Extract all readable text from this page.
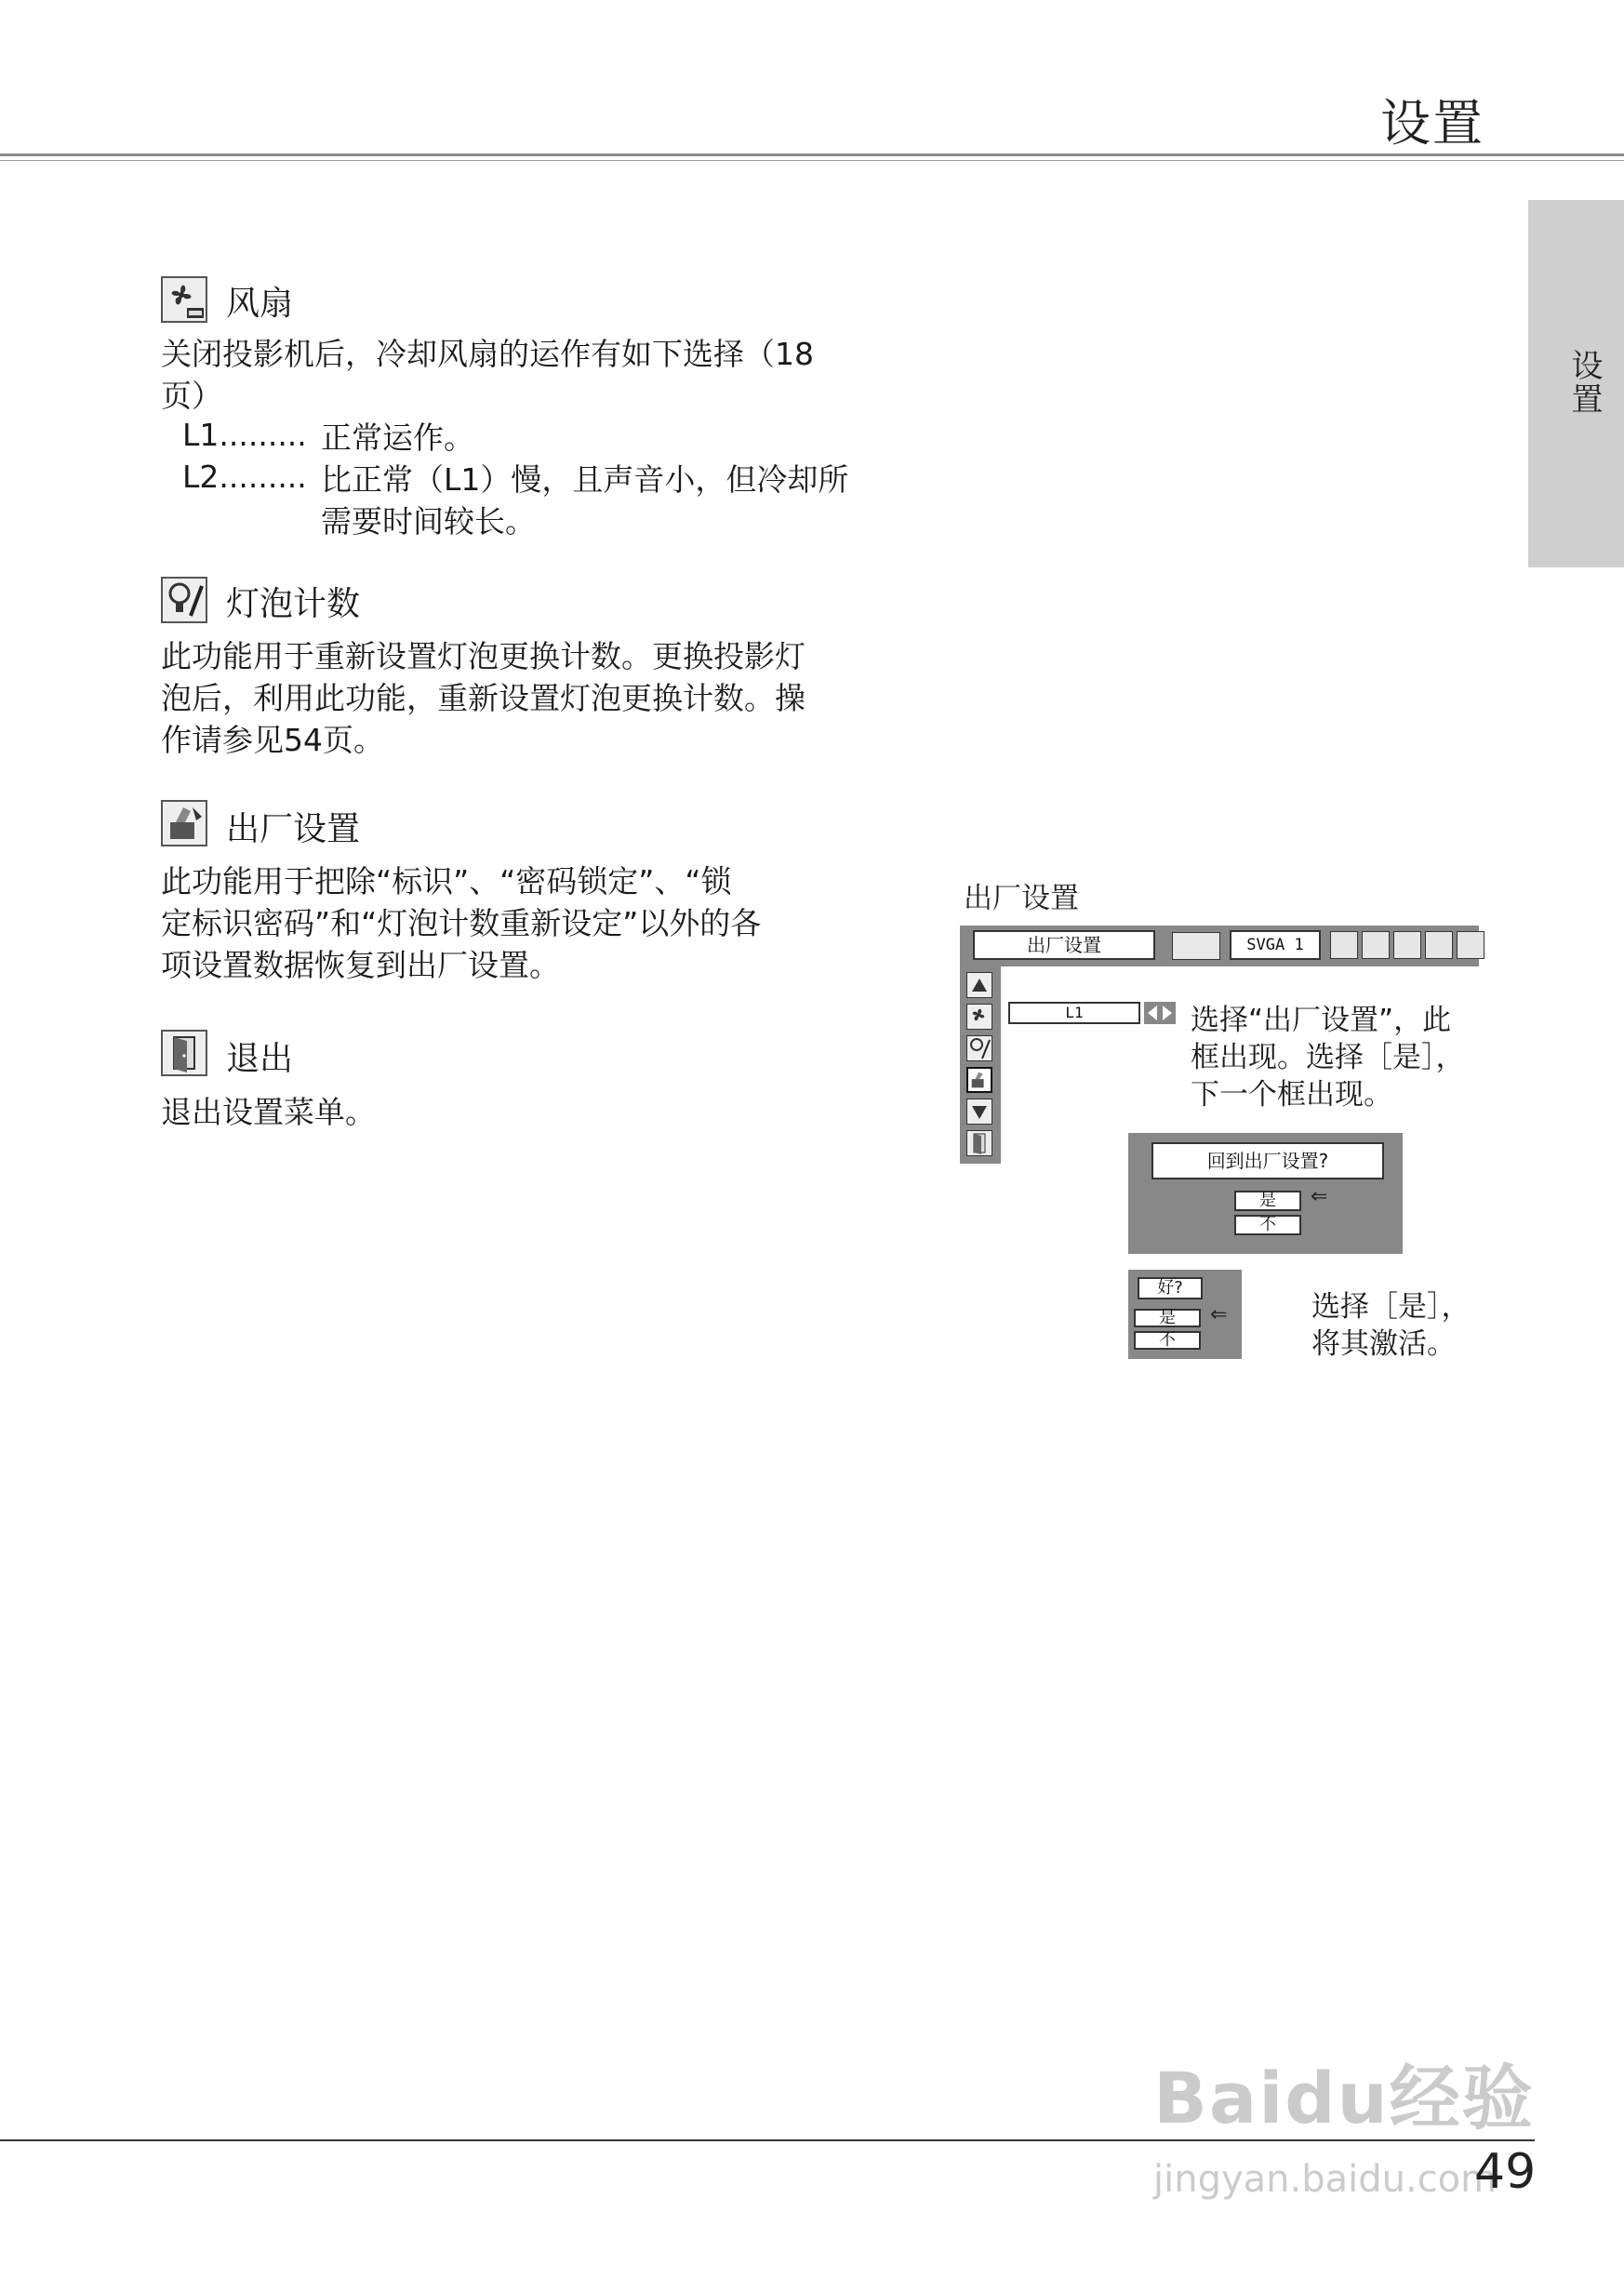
设置
设置
风扇
关闭投影机后，冷却风扇的运作有如下选择（18
页）
L1......... 正常运作。
L2......... 比正常（L1）慢，且声音小，但冷却所
需要时间较长。
灯泡计数
此功能用于重新设置灯泡更换计数。更换投影灯
泡后，利用此功能，重新设置灯泡更换计数。操
作请参见54页。
出厂设置
此功能用于把除“标识”、“密码锁定”、“锁
定标识密码”和“灯泡计数重新设定”以外的各
项设置数据恢复到出厂设置。
退出
退出设置菜单。
出厂设置
出厂设置	SVGA 1
L1	选择“出厂设置”，此
框出现。选择［是］，
下一个框出现。
回到出厂设置?
是
不
⇐
好?
是
不
⇐	选择［是］，
将其激活。
Baidu经验
jingyan.baidu.com
49
